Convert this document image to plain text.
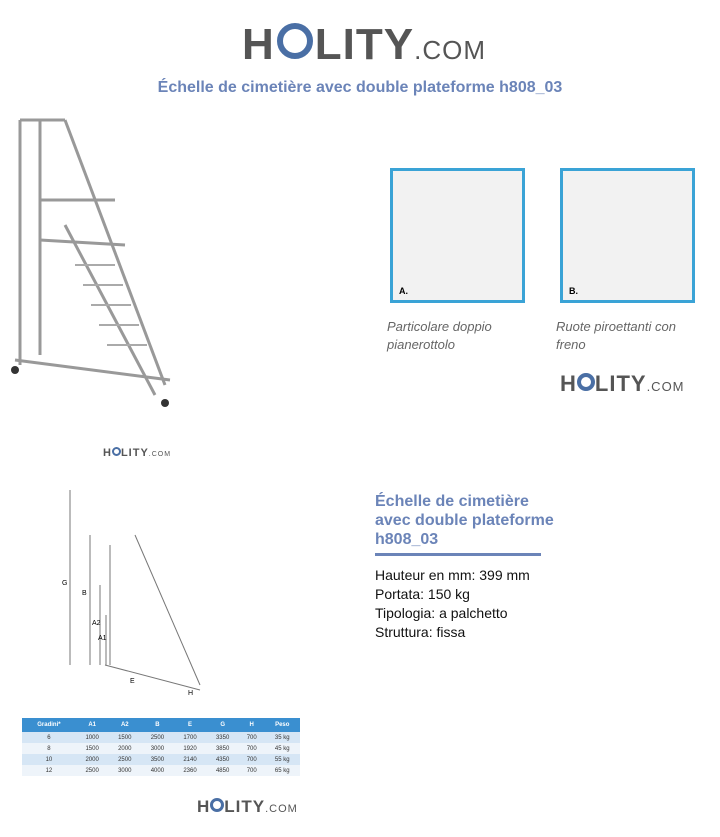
H LITY .COM
Échelle de cimetière avec double plateforme h808_03
H LITY .COM
A.	B.
Particolare doppio pianerottolo
Ruote piroettanti con freno
H LITY .COM
G
B
A2
A1
E
H
Échelle de cimetière avec double plateforme h808_03
Hauteur en mm: 399 mm
Portata: 150 kg
Tipologia: a palchetto
Struttura: fissa
Gradini*	A1	A2	B	E	G	H	Peso
6	1000	1500	2500	1700	3350	700	35 kg
8	1500	2000	3000	1920	3850	700	45 kg
10	2000	2500	3500	2140	4350	700	55 kg
12	2500	3000	4000	2360	4850	700	65 kg
H LITY .COM
